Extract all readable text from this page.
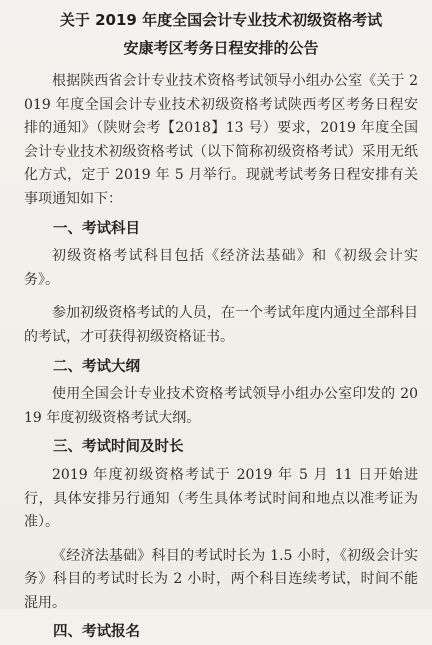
关于 2019 年度全国会计专业技术初级资格考试
安康考区考务日程安排的公告

根据陕西省会计专业技术资格考试领导小组办公室《关于 2019 年度全国会计专业技术初级资格考试陕西考区考务日程安排的通知》（陕财会考【2018】13 号）要求，2019 年度全国会计专业技术初级资格考试（以下简称初级资格考试）采用无纸化方式，定于 2019 年 5 月举行。现就考试考务日程安排有关事项通知如下：

一、考试科目

初级资格考试科目包括《经济法基础》和《初级会计实务》。

参加初级资格考试的人员，在一个考试年度内通过全部科目的考试，才可获得初级资格证书。

二、考试大纲

使用全国会计专业技术资格考试领导小组办公室印发的 2019 年度初级资格考试大纲。

三、考试时间及时长

2019 年度初级资格考试于 2019 年 5 月 11 日开始进行，具体安排另行通知（考生具体考试时间和地点以准考证为准）。

《经济法基础》科目的考试时长为 1.5 小时，《初级会计实务》科目的考试时长为 2 小时，两个科目连续考试，时间不能混用。

四、考试报名
